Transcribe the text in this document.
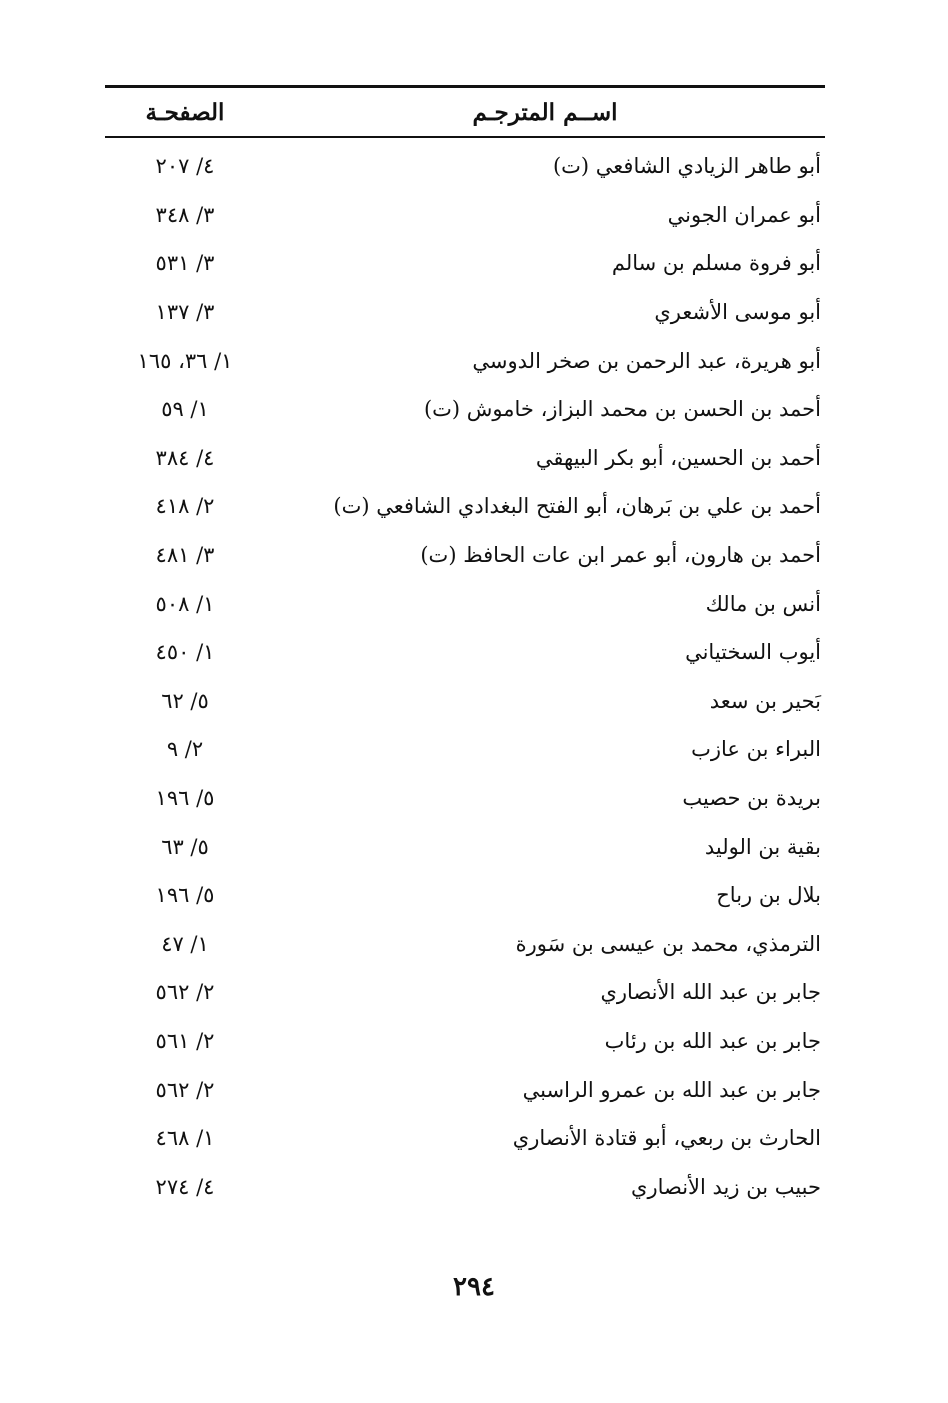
اســم المترجـم
الصفحـة
أبو طاهر الزيادي الشافعي (ت)
٤/ ٢٠٧
أبو عمران الجوني
٣/ ٣٤٨
أبو فروة مسلم بن سالم
٣/ ٥٣١
أبو موسى الأشعري
٣/ ١٣٧
أبو هريرة، عبد الرحمن بن صخر الدوسي
١/ ٣٦، ١٦٥
أحمد بن الحسن بن محمد البزاز، خاموش (ت)
١/ ٥٩
أحمد بن الحسين، أبو بكر البيهقي
٤/ ٣٨٤
أحمد بن علي بن بَرهان، أبو الفتح البغدادي الشافعي (ت)
٢/ ٤١٨
أحمد بن هارون، أبو عمر ابن عات الحافظ (ت)
٣/ ٤٨١
أنس بن مالك
١/ ٥٠٨
أيوب السختياني
١/ ٤٥٠
بَحير بن سعد
٥/ ٦٢
البراء بن عازب
٢/ ٩
بريدة بن حصيب
٥/ ١٩٦
بقية بن الوليد
٥/ ٦٣
بلال بن رباح
٥/ ١٩٦
الترمذي، محمد بن عيسى بن سَورة
١/ ٤٧
جابر بن عبد الله الأنصاري
٢/ ٥٦٢
جابر بن عبد الله بن رئاب
٢/ ٥٦١
جابر بن عبد الله بن عمرو الراسبي
٢/ ٥٦٢
الحارث بن ربعي، أبو قتادة الأنصاري
١/ ٤٦٨
حبيب بن زيد الأنصاري
٤/ ٢٧٤
٢٩٤
